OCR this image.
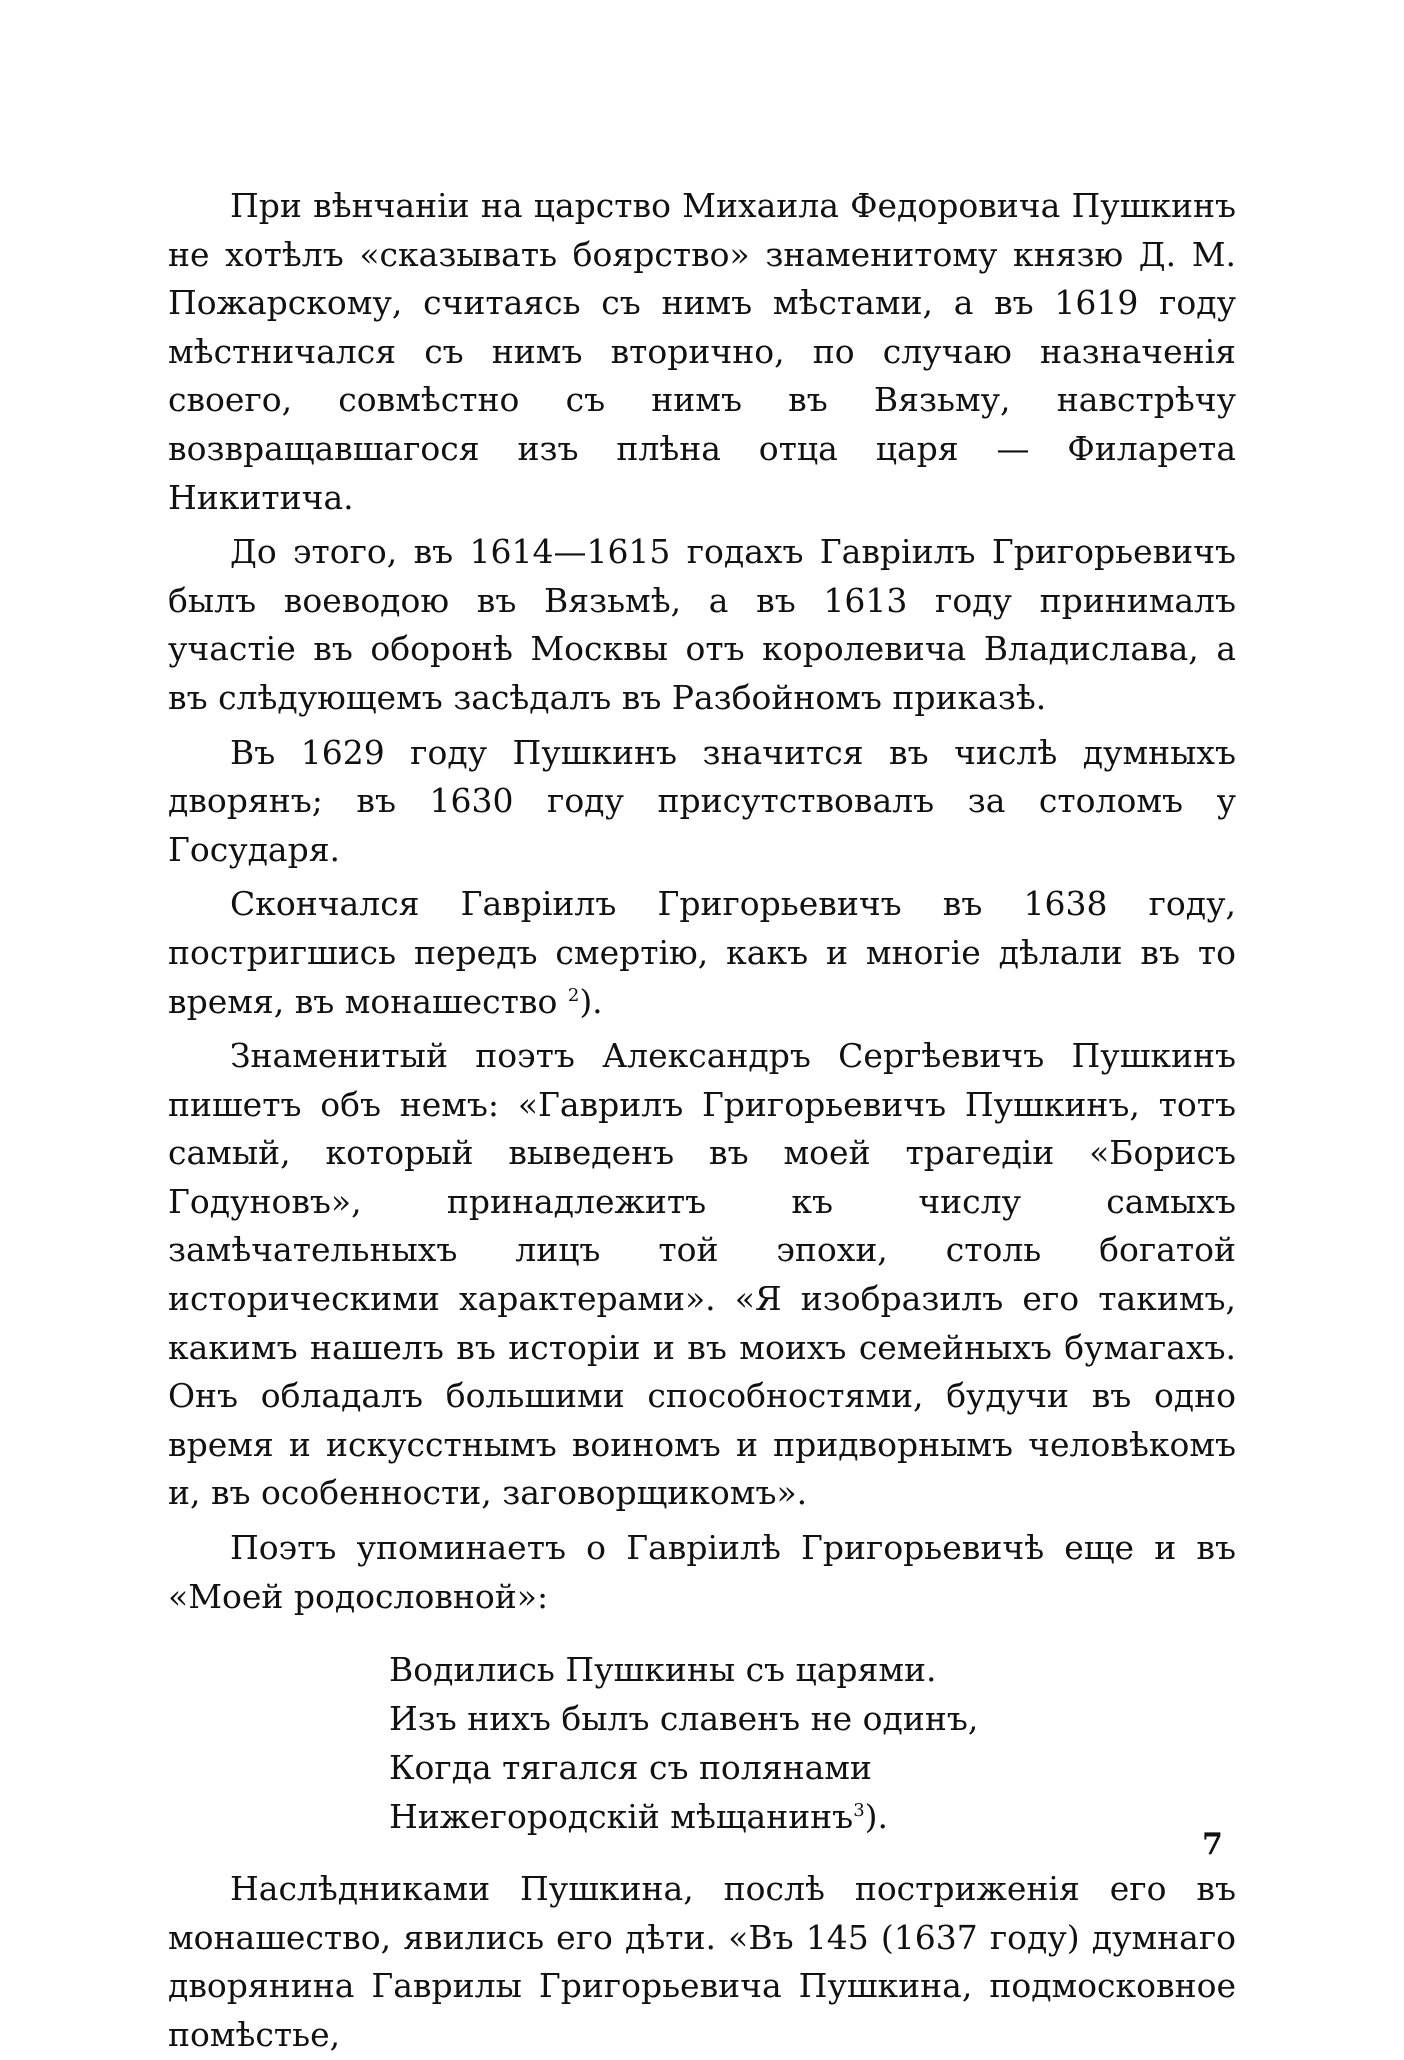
При вѣнчаніи на царство Михаила Федоровича Пушкинъ не хотѣлъ «сказывать боярство» знаменитому князю Д. М. Пожарскому, считаясь съ нимъ мѣстами, а въ 1619 году мѣстничался съ нимъ вторично, по случаю назначенія своего, совмѣстно съ нимъ въ Вязьму, навстрѣчу возвращавшагося изъ плѣна отца царя — Филарета Никитича.

До этого, въ 1614—1615 годахъ Гавріилъ Григорьевичъ былъ воеводою въ Вязьмѣ, а въ 1613 году принималъ участіе въ оборонѣ Москвы отъ королевича Владислава, а въ слѣдующемъ засѣдалъ въ Разбойномъ приказѣ.

Въ 1629 году Пушкинъ значится въ числѣ думныхъ дворянъ; въ 1630 году присутствовалъ за столомъ у Государя.

Скончался Гавріилъ Григорьевичъ въ 1638 году, постригшись передъ смертію, какъ и многіе дѣлали въ то время, въ монашество $^2$).

Знаменитый поэтъ Александръ Сергѣевичъ Пушкинъ пишетъ объ немъ: «Гаврилъ Григорьевичъ Пушкинъ, тотъ самый, который выведенъ въ моей трагедіи «Борисъ Годуновъ», принадлежитъ къ числу самыхъ замѣчательныхъ лицъ той эпохи, столь богатой историческими характерами». «Я изобразилъ его такимъ, какимъ нашелъ въ исторіи и въ моихъ семейныхъ бумагахъ. Онъ обладалъ большими способностями, будучи въ одно время и искусстнымъ воиномъ и придворнымъ человѣкомъ и, въ особенности, заговорщикомъ».

Поэтъ упоминаетъ о Гавріилѣ Григорьевичѣ еще и въ «Моей родословной»:

Водились Пушкины съ царями.
Изъ нихъ былъ славенъ не одинъ,
Когда тягался съ полянами
Нижегородскій мѣщанинъ$^3$).

Наслѣдниками Пушкина, послѣ постриженія его въ монашество, явились его дѣти. «Въ 145 (1637 году) думнаго дворянина Гаврилы Григорьевича Пушкина, подмосковное помѣстье,

7
